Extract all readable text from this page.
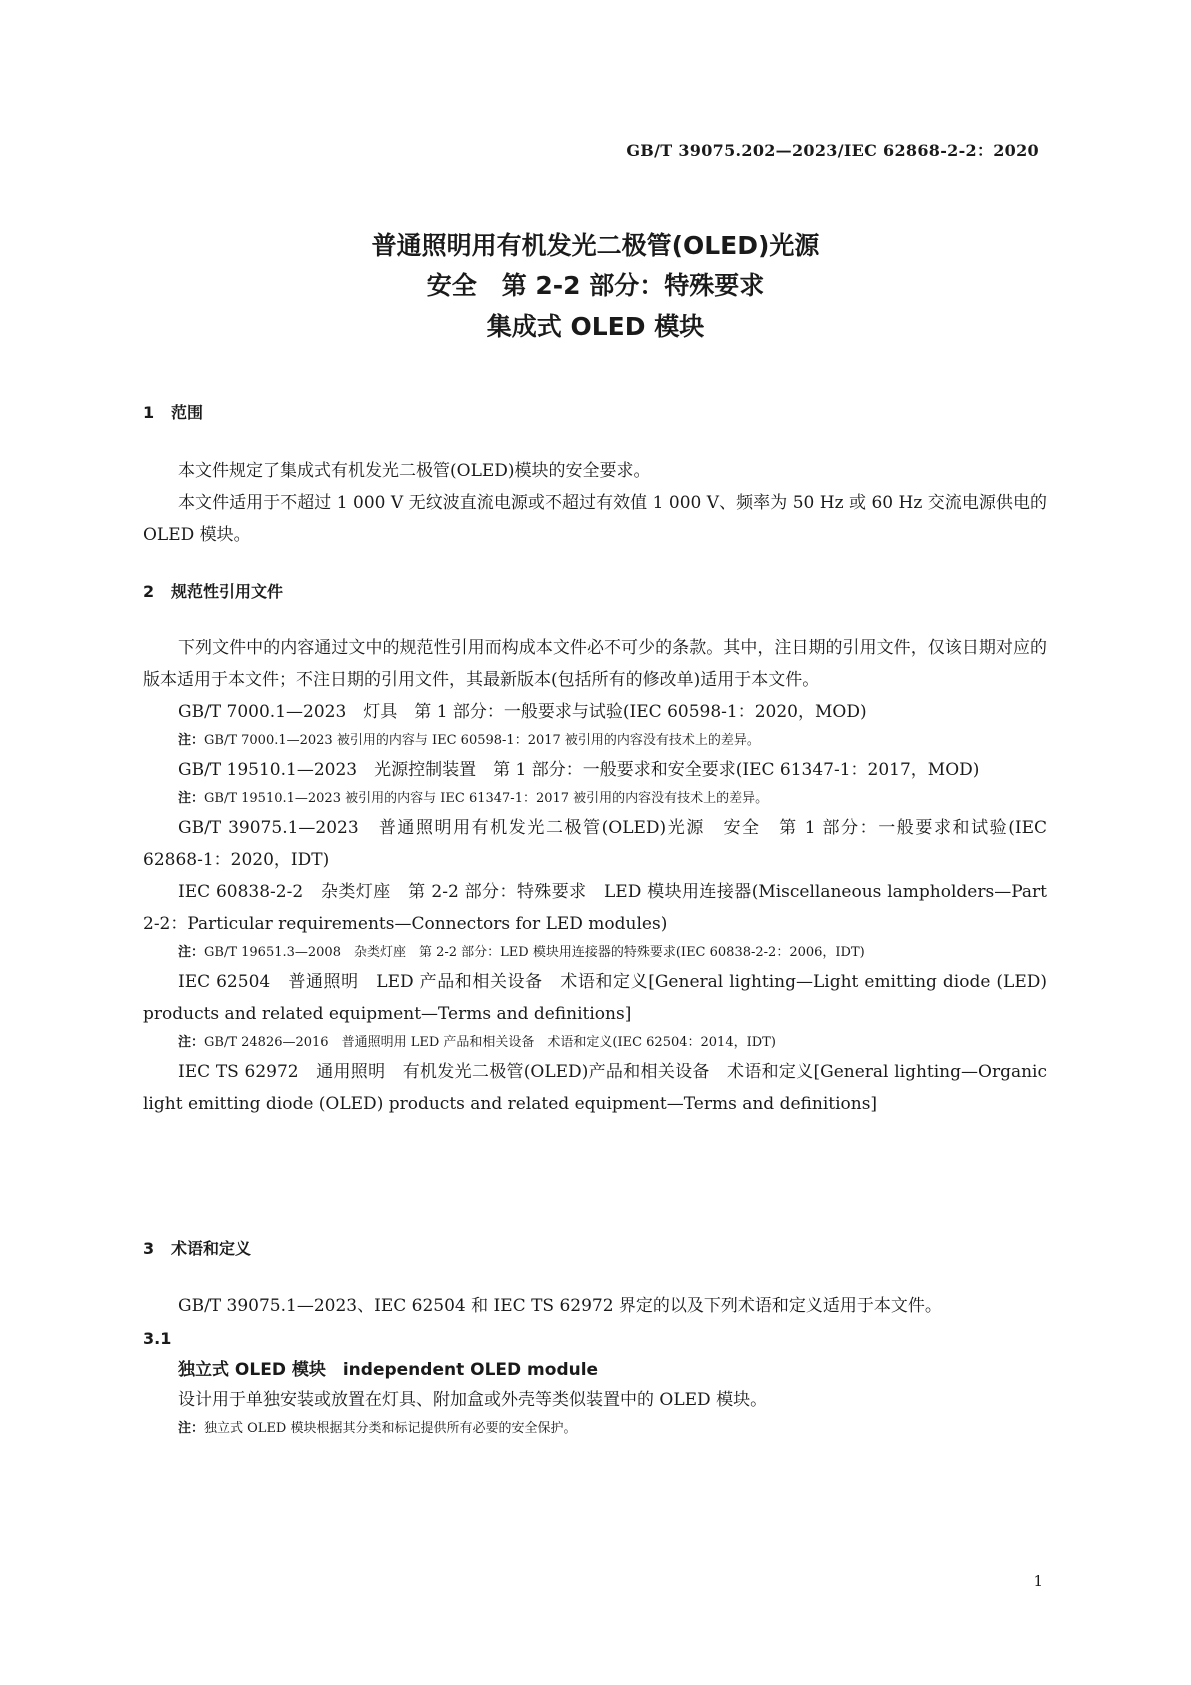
GB/T 39075.202—2023/IEC 62868-2-2：2020
普通照明用有机发光二极管(OLED)光源
安全　第 2-2 部分：特殊要求
集成式 OLED 模块
1 范围

本文件规定了集成式有机发光二极管(OLED)模块的安全要求。

本文件适用于不超过 1 000 V 无纹波直流电源或不超过有效值 1 000 V、频率为 50 Hz 或 60 Hz 交流电源供电的 OLED 模块。

2 规范性引用文件

下列文件中的内容通过文中的规范性引用而构成本文件必不可少的条款。其中，注日期的引用文件，仅该日期对应的版本适用于本文件；不注日期的引用文件，其最新版本(包括所有的修改单)适用于本文件。

GB/T 7000.1—2023　灯具　第 1 部分：一般要求与试验(IEC 60598-1：2020，MOD)

注：GB/T 7000.1—2023 被引用的内容与 IEC 60598-1：2017 被引用的内容没有技术上的差异。

GB/T 19510.1—2023　光源控制装置　第 1 部分：一般要求和安全要求(IEC 61347-1：2017，MOD)

注：GB/T 19510.1—2023 被引用的内容与 IEC 61347-1：2017 被引用的内容没有技术上的差异。

GB/T 39075.1—2023　普通照明用有机发光二极管(OLED)光源　安全　第 1 部分：一般要求和试验(IEC 62868-1：2020，IDT)

IEC 60838-2-2　杂类灯座　第 2-2 部分：特殊要求　LED 模块用连接器(Miscellaneous lampholders—Part 2-2：Particular requirements—Connectors for LED modules)

注：GB/T 19651.3—2008　杂类灯座　第 2-2 部分：LED 模块用连接器的特殊要求(IEC 60838-2-2：2006，IDT)

IEC 62504　普通照明　LED 产品和相关设备　术语和定义[General lighting—Light emitting diode (LED) products and related equipment—Terms and definitions]

注：GB/T 24826—2016　普通照明用 LED 产品和相关设备　术语和定义(IEC 62504：2014，IDT)

IEC TS 62972　通用照明　有机发光二极管(OLED)产品和相关设备　术语和定义[General lighting—Organic light emitting diode (OLED) products and related equipment—Terms and definitions]

3 术语和定义

GB/T 39075.1—2023、IEC 62504 和 IEC TS 62972 界定的以及下列术语和定义适用于本文件。

3.1
独立式 OLED 模块　independent OLED module
设计用于单独安装或放置在灯具、附加盒或外壳等类似装置中的 OLED 模块。
注：独立式 OLED 模块根据其分类和标记提供所有必要的安全保护。
1
